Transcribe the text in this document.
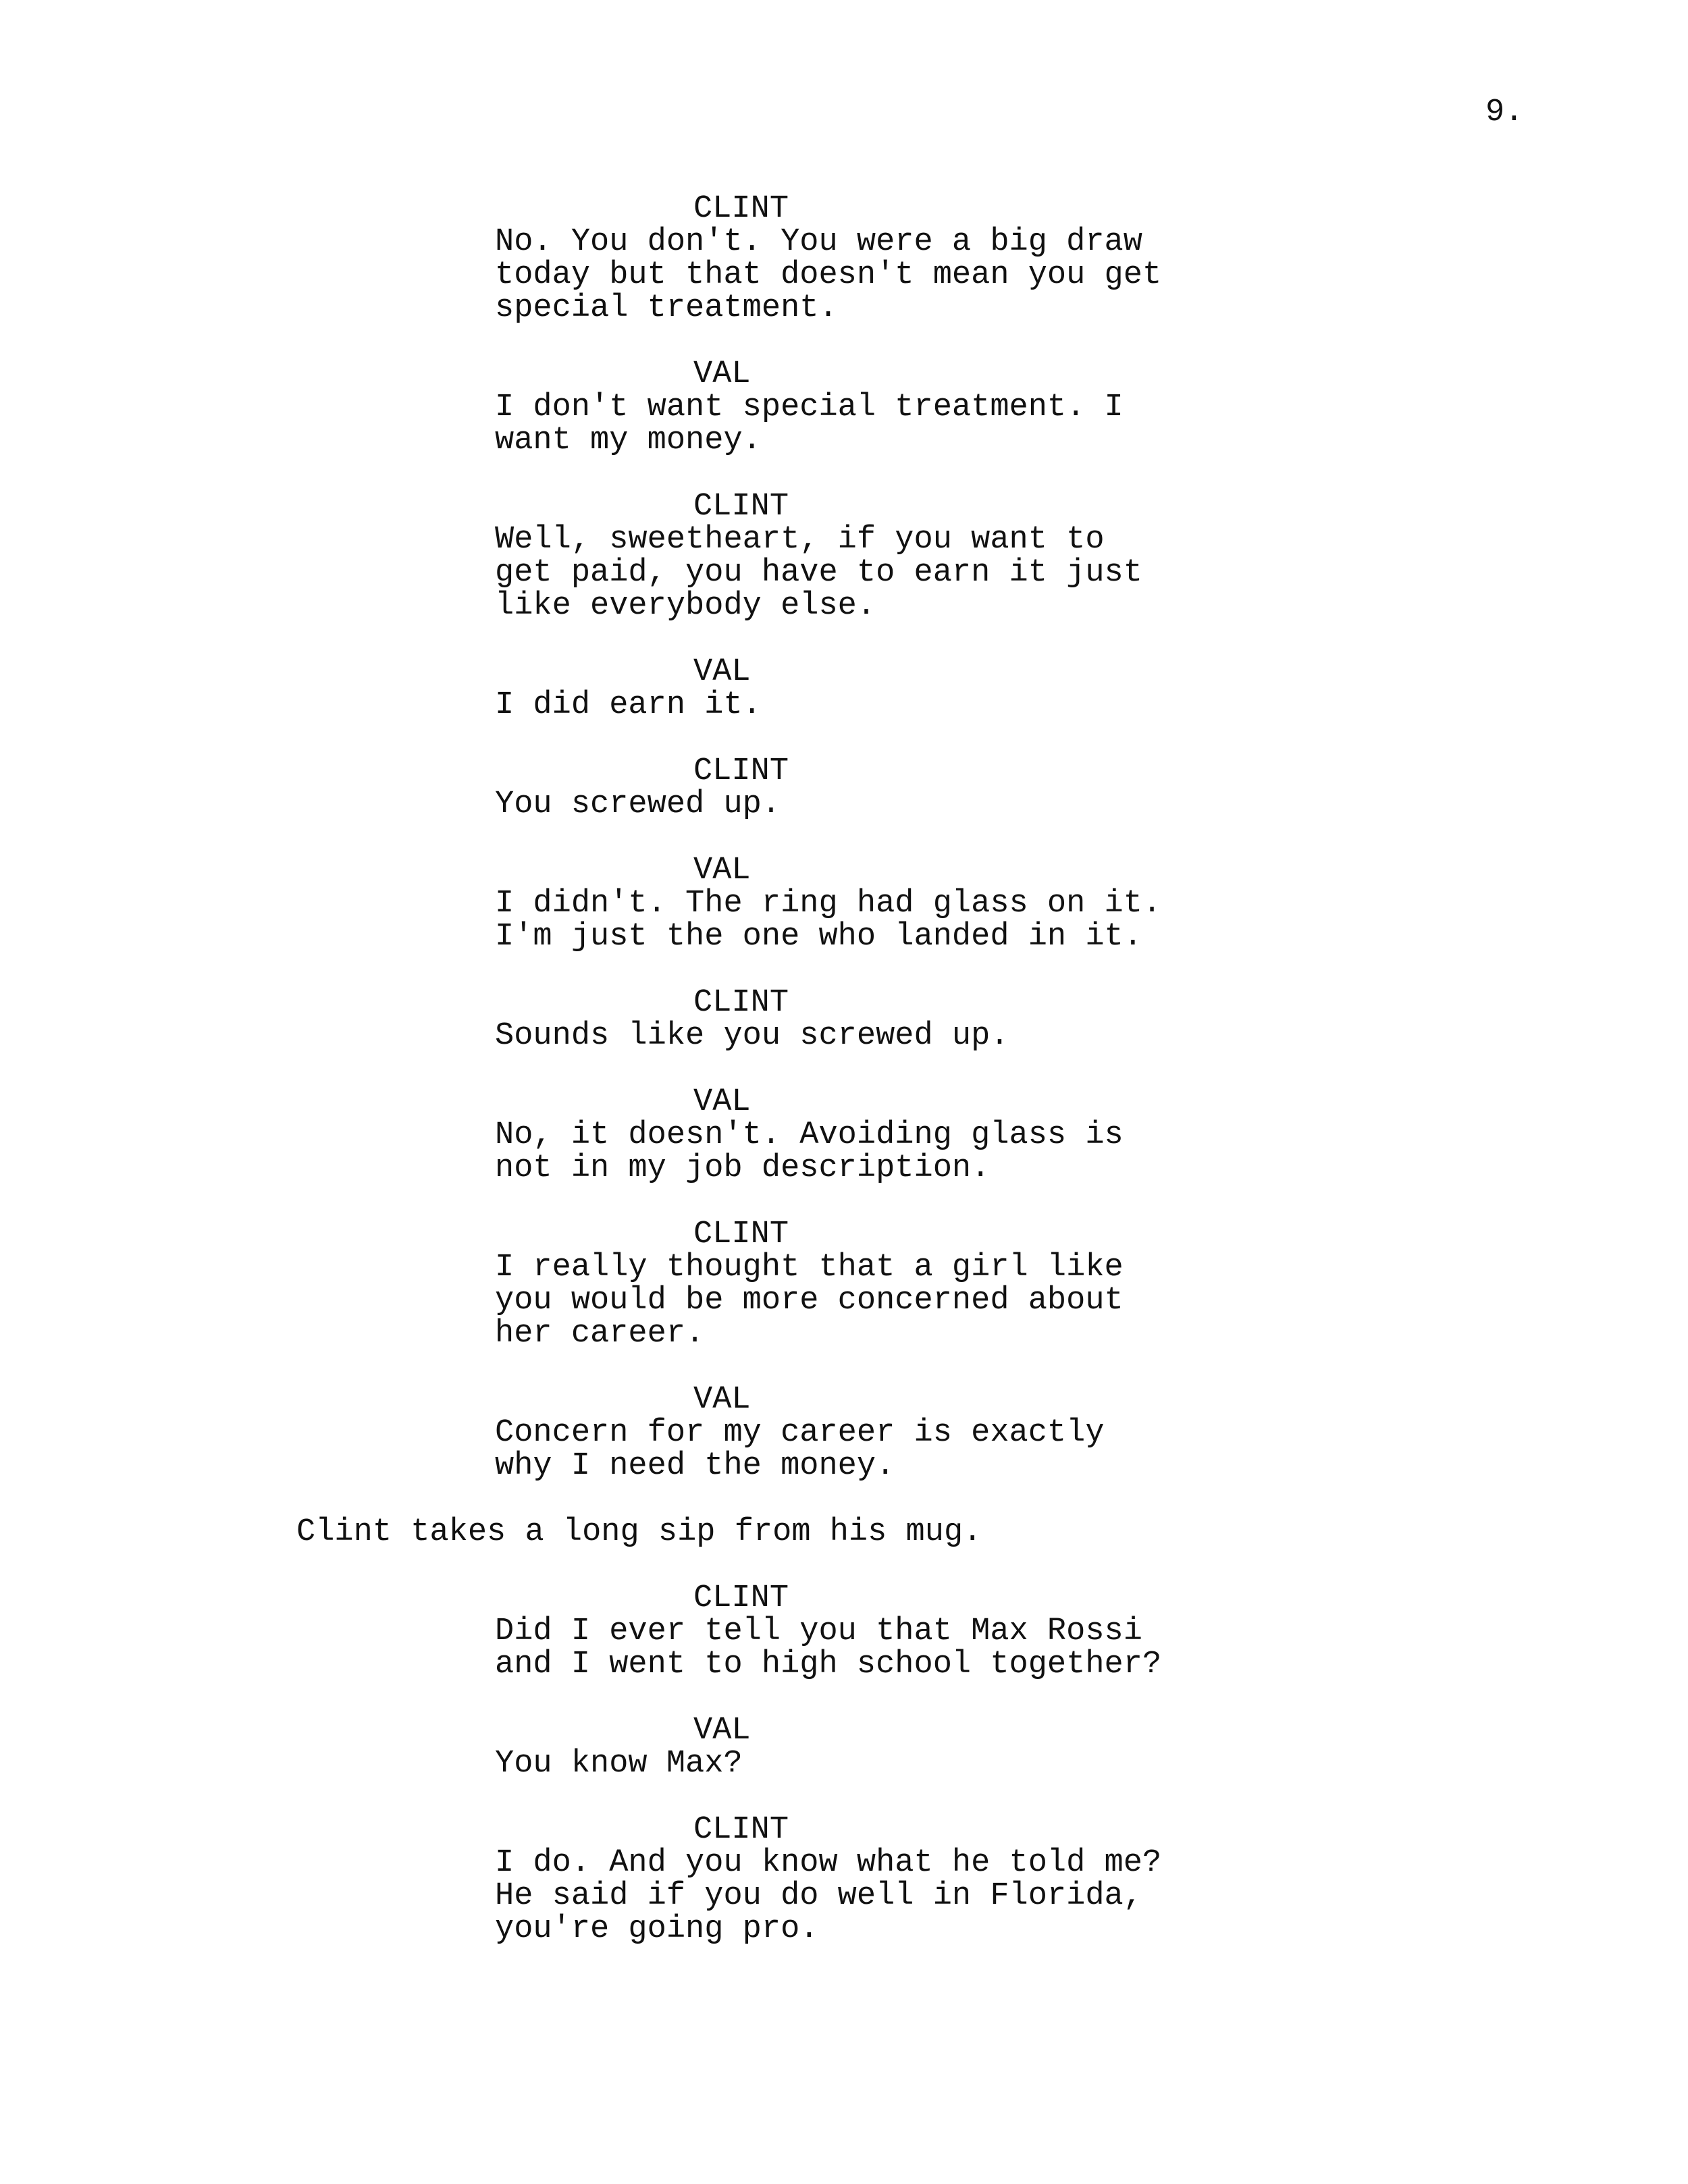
9.
CLINT
No. You don't. You were a big draw
today but that doesn't mean you get
special treatment.
VAL
I don't want special treatment. I
want my money.
CLINT
Well, sweetheart, if you want to
get paid, you have to earn it just
like everybody else.
VAL
I did earn it.
CLINT
You screwed up.
VAL
I didn't. The ring had glass on it.
I'm just the one who landed in it.
CLINT
Sounds like you screwed up.
VAL
No, it doesn't. Avoiding glass is
not in my job description.
CLINT
I really thought that a girl like
you would be more concerned about
her career.
VAL
Concern for my career is exactly
why I need the money.
Clint takes a long sip from his mug.
CLINT
Did I ever tell you that Max Rossi
and I went to high school together?
VAL
You know Max?
CLINT
I do. And you know what he told me?
He said if you do well in Florida,
you're going pro.
